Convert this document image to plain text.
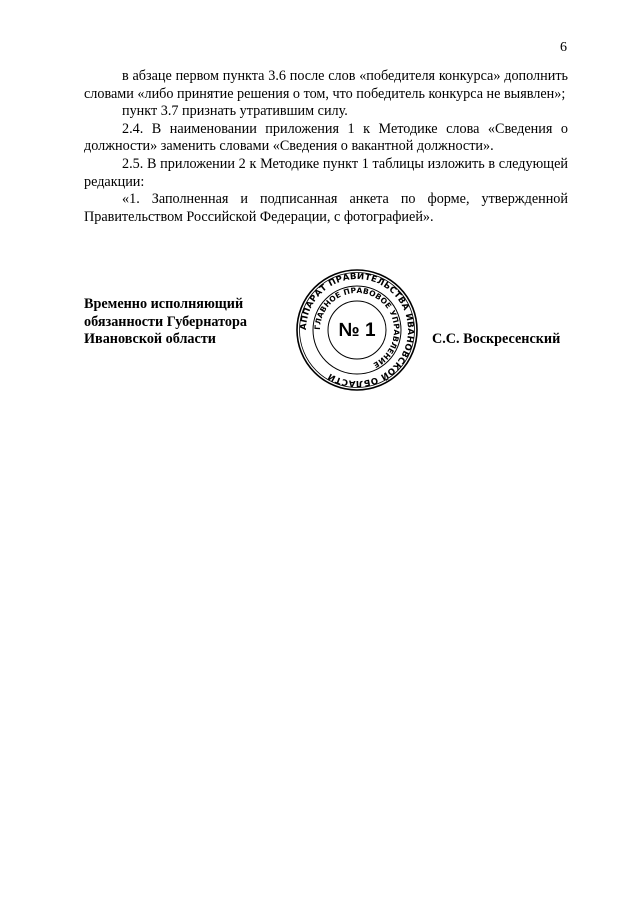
6

в абзаце первом пункта 3.6 после слов «победителя конкурса» дополнить словами «либо принятие решения о том, что победитель конкурса не выявлен»;

пункт 3.7 признать утратившим силу.

2.4. В наименовании приложения 1 к Методике слова «Сведения о должности» заменить словами «Сведения о вакантной должности».

2.5. В приложении 2 к Методике пункт 1 таблицы изложить в следующей редакции:

«1. Заполненная и подписанная анкета по форме, утвержденной Правительством Российской Федерации, с фотографией».

Временно исполняющий
обязанности Губернатора
Ивановской области
АППАРАТ ПРАВИТЕЛЬСТВА ИВАНОВСКОЙ ОБЛАСТИ
ГЛАВНОЕ ПРАВОВОЕ УПРАВЛЕНИЕ
№ 1	С.С. Воскресенский
